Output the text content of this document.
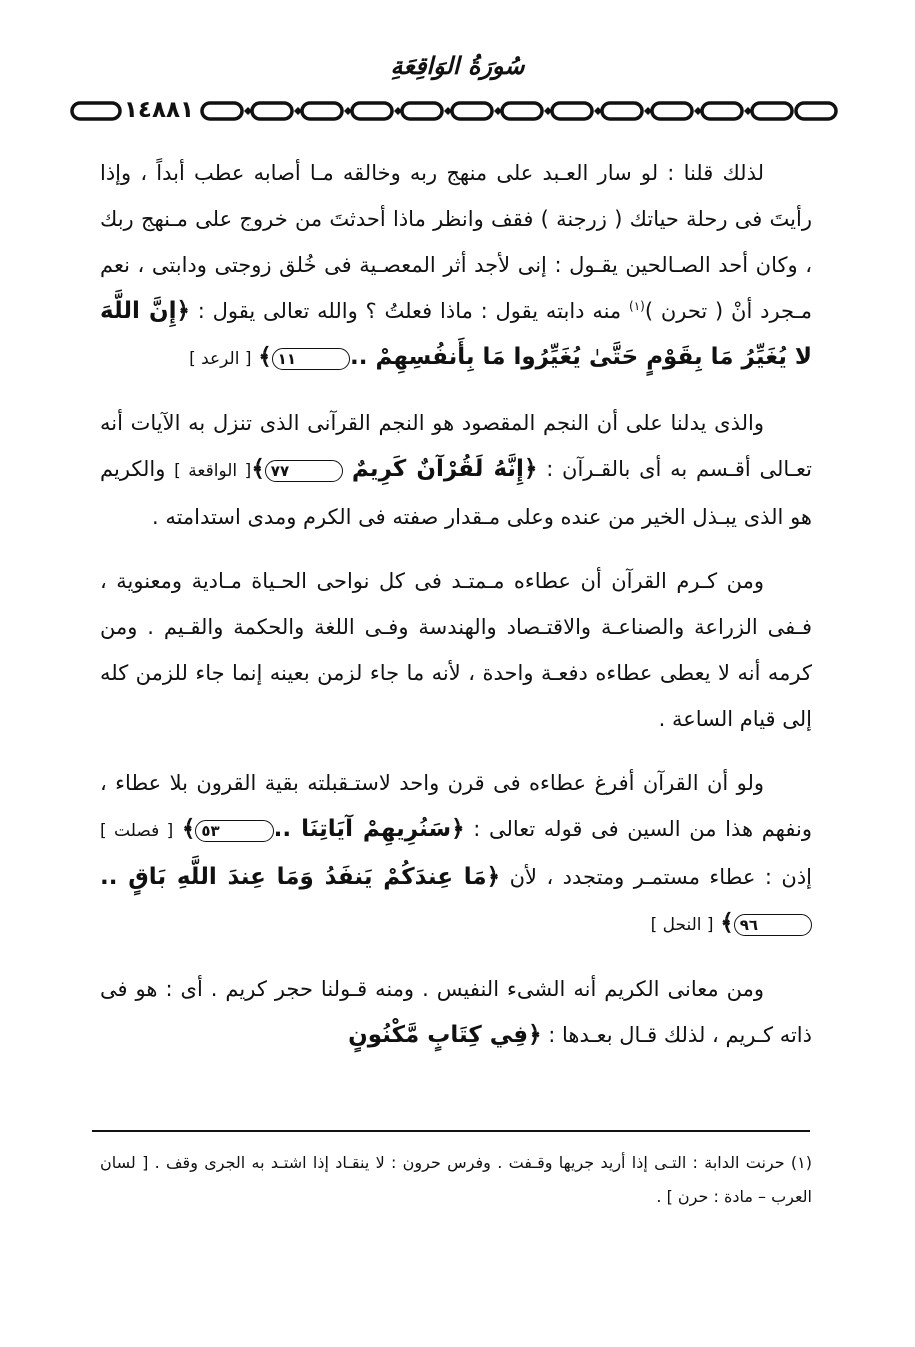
سُورَةُ الوَاقِعَةِ
١٤٨٨١

لذلك قلنا : لو سار العـبد على منهج ربه وخالقه مـا أصابه عطب أبداً ، وإذا رأيتَ فى رحلة حياتك ( زرجنة ) فقف وانظر ماذا أحدثتَ من خروج على مـنهج ربك ، وكان أحد الصـالحين يقـول : إنى لأجد أثر المعصـية فى خُلق زوجتى ودابتى ، نعم مـجرد أنْ ( تحرن )$^{(١)}$ منه دابته يقول : ماذا فعلتُ ؟ والله تعالى يقول : ﴿إِنَّ اللَّهَ لا يُغَيِّرُ مَا بِقَوْمٍ حَتَّىٰ يُغَيِّرُوا مَا بِأَنفُسِهِمْ ..١١﴾ [ الرعد ]

والذى يدلنا على أن النجم المقصود هو النجم القرآنى الذى تنزل به الآيات أنه تعـالى أقـسم به أى بالقـرآن : ﴿إِنَّهُ لَقُرْآنٌ كَرِيمٌ ٧٧﴾[ الواقعة ] والكريم هو الذى يبـذل الخير من عنده وعلى مـقدار صفته فى الكرم ومدى استدامته .

ومن كـرم القرآن أن عطاءه مـمتـد فى كل نواحى الحـياة مـادية ومعنوية ، فـفى الزراعة والصناعـة والاقتـصاد والهندسة وفـى اللغة والحكمة والقـيم . ومن كرمه أنه لا يعطى عطاءه دفعـة واحدة ، لأنه ما جاء لزمن بعينه إنما جاء للزمن كله إلى قيام الساعة .

ولو أن القرآن أفرغ عطاءه فى قرن واحد لاستـقبلته بقية القرون بلا عطاء ، ونفهم هذا من السين فى قوله تعالى : ﴿سَنُرِيهِمْ آيَاتِنَا ..٥٣﴾ [ فصلت ] إذن : عطاء مستمـر ومتجدد ، لأن ﴿مَا عِندَكُمْ يَنفَدُ وَمَا عِندَ اللَّهِ بَاقٍ ..٩٦﴾ [ النحل ]

ومن معانى الكريم أنه الشىء النفيس . ومنه قـولنا حجر كريم . أى : هو فى ذاته كـريم ، لذلك قـال بعـدها : ﴿فِي كِتَابٍ مَّكْنُونٍ

(١) حرنت الدابة : التـى إذا أريد جريها وقـفت . وفرس حرون : لا ينقـاد إذا اشتـد به الجرى وقف . [ لسان العرب – مادة : حرن ] .
